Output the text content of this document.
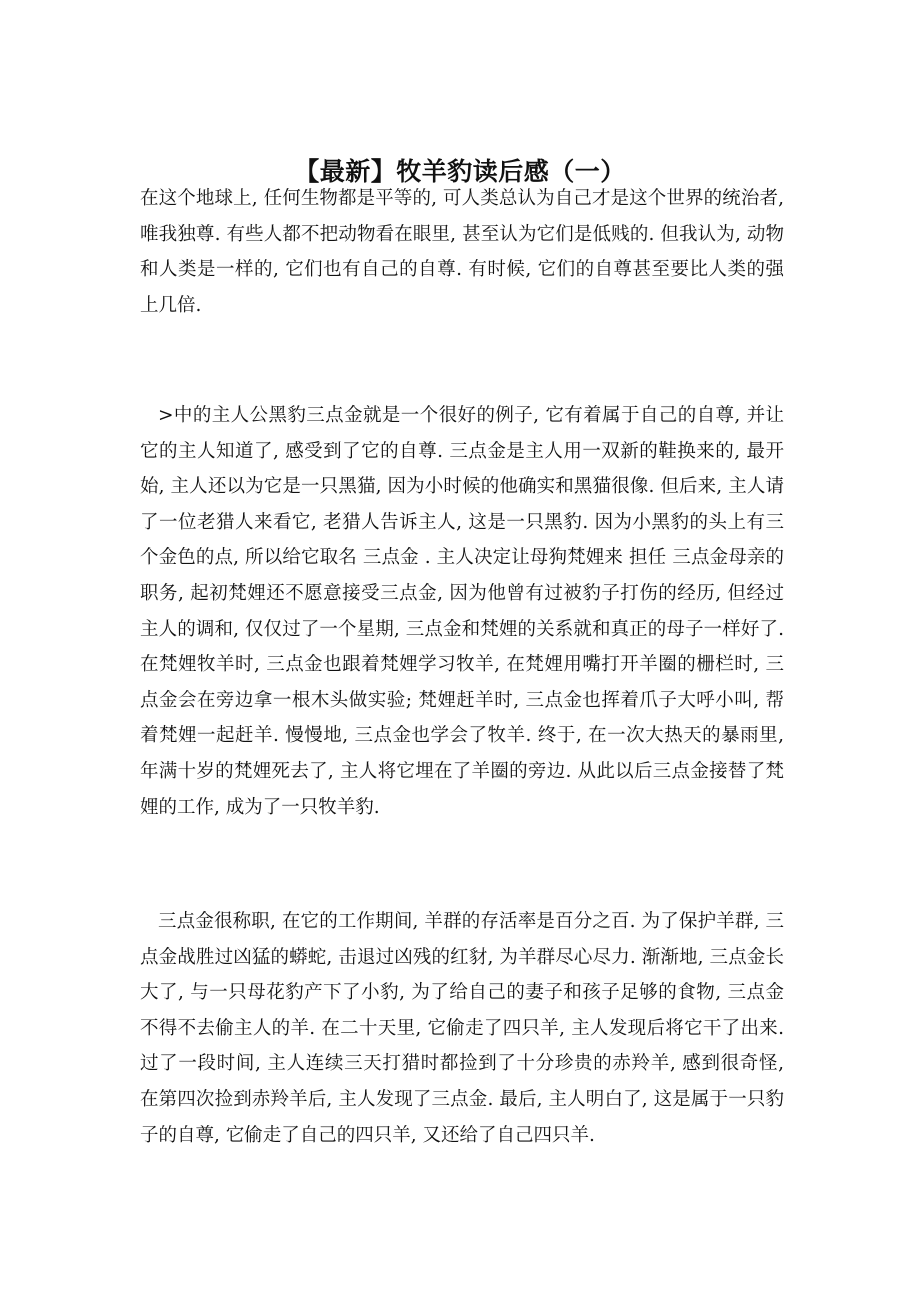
【最新】牧羊豹读后感（一）

在这个地球上, 任何生物都是平等的, 可人类总认为自己才是这个世界的统治者, 唯我独尊. 有些人都不把动物看在眼里, 甚至认为它们是低贱的. 但我认为, 动物和人类是一样的, 它们也有自己的自尊. 有时候, 它们的自尊甚至要比人类的强上几倍.

>中的主人公黑豹三点金就是一个很好的例子, 它有着属于自己的自尊, 并让它的主人知道了, 感受到了它的自尊. 三点金是主人用一双新的鞋换来的, 最开始, 主人还以为它是一只黑猫, 因为小时候的他确实和黑猫很像. 但后来, 主人请了一位老猎人来看它, 老猎人告诉主人, 这是一只黑豹. 因为小黑豹的头上有三个金色的点, 所以给它取名 三点金 . 主人决定让母狗梵娌来 担任 三点金母亲的职务, 起初梵娌还不愿意接受三点金, 因为他曾有过被豹子打伤的经历, 但经过主人的调和, 仅仅过了一个星期, 三点金和梵娌的关系就和真正的母子一样好了. 在梵娌牧羊时, 三点金也跟着梵娌学习牧羊, 在梵娌用嘴打开羊圈的栅栏时, 三点金会在旁边拿一根木头做实验; 梵娌赶羊时, 三点金也挥着爪子大呼小叫, 帮着梵娌一起赶羊. 慢慢地, 三点金也学会了牧羊. 终于, 在一次大热天的暴雨里, 年满十岁的梵娌死去了, 主人将它埋在了羊圈的旁边. 从此以后三点金接替了梵娌的工作, 成为了一只牧羊豹.

三点金很称职, 在它的工作期间, 羊群的存活率是百分之百. 为了保护羊群, 三点金战胜过凶猛的蟒蛇, 击退过凶残的红豺, 为羊群尽心尽力. 渐渐地, 三点金长大了, 与一只母花豹产下了小豹, 为了给自己的妻子和孩子足够的食物, 三点金不得不去偷主人的羊. 在二十天里, 它偷走了四只羊, 主人发现后将它干了出来. 过了一段时间, 主人连续三天打猎时都捡到了十分珍贵的赤羚羊, 感到很奇怪, 在第四次捡到赤羚羊后, 主人发现了三点金. 最后, 主人明白了, 这是属于一只豹子的自尊, 它偷走了自己的四只羊, 又还给了自己四只羊.
